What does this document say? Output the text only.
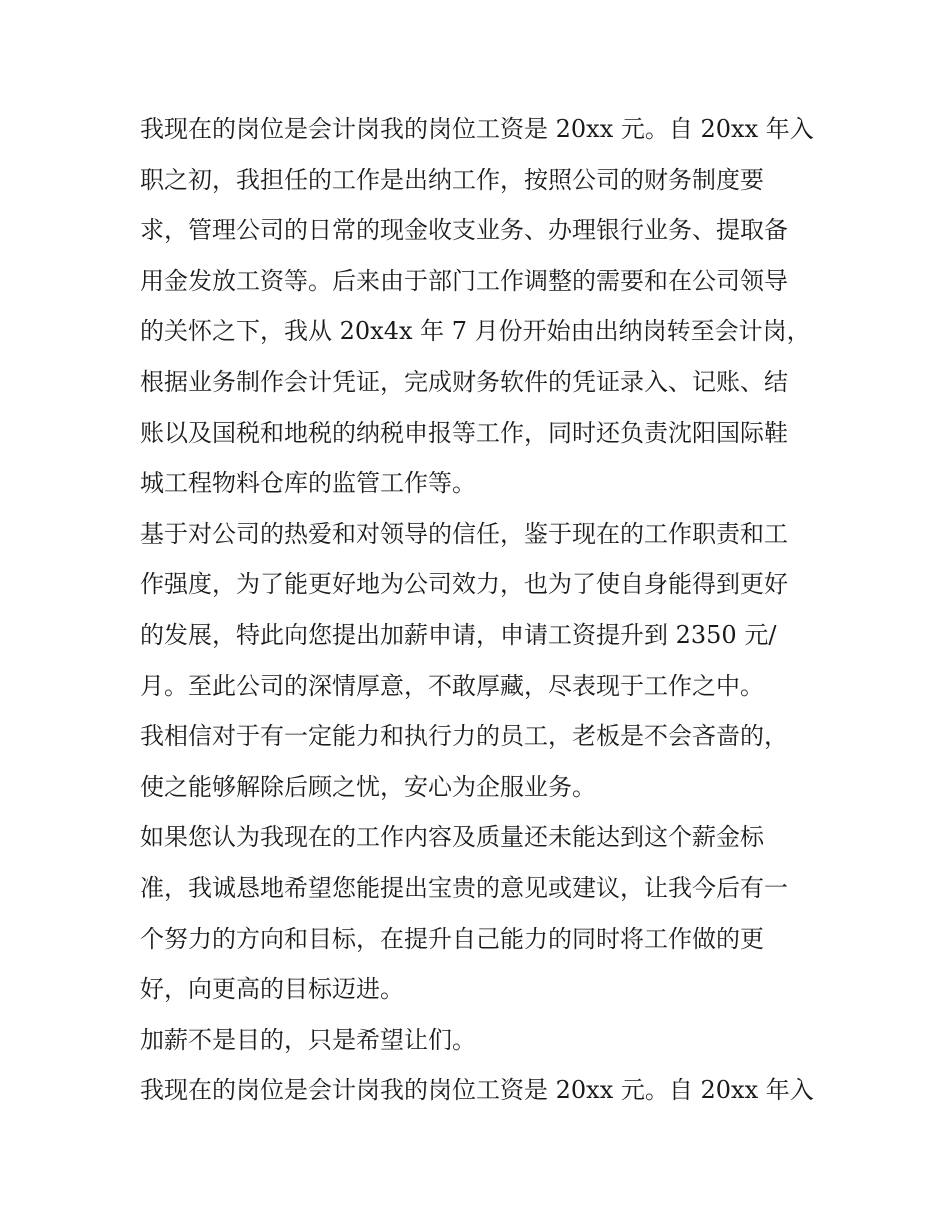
我现在的岗位是会计岗我的岗位工资是 20xx 元。自 20xx 年入
职之初，我担任的工作是出纳工作，按照公司的财务制度要
求，管理公司的日常的现金收支业务、办理银行业务、提取备
用金发放工资等。后来由于部门工作调整的需要和在公司领导
的关怀之下，我从 20x4x 年 7 月份开始由出纳岗转至会计岗，
根据业务制作会计凭证，完成财务软件的凭证录入、记账、结
账以及国税和地税的纳税申报等工作，同时还负责沈阳国际鞋
城工程物料仓库的监管工作等。
基于对公司的热爱和对领导的信任，鉴于现在的工作职责和工
作强度，为了能更好地为公司效力，也为了使自身能得到更好
的发展，特此向您提出加薪申请，申请工资提升到 2350 元/
月。至此公司的深情厚意，不敢厚藏，尽表现于工作之中。
我相信对于有一定能力和执行力的员工，老板是不会吝啬的，
使之能够解除后顾之忧，安心为企服业务。
如果您认为我现在的工作内容及质量还未能达到这个薪金标
准，我诚恳地希望您能提出宝贵的意见或建议，让我今后有一
个努力的方向和目标，在提升自己能力的同时将工作做的更
好，向更高的目标迈进。
加薪不是目的，只是希望让们。
我现在的岗位是会计岗我的岗位工资是 20xx 元。自 20xx 年入
